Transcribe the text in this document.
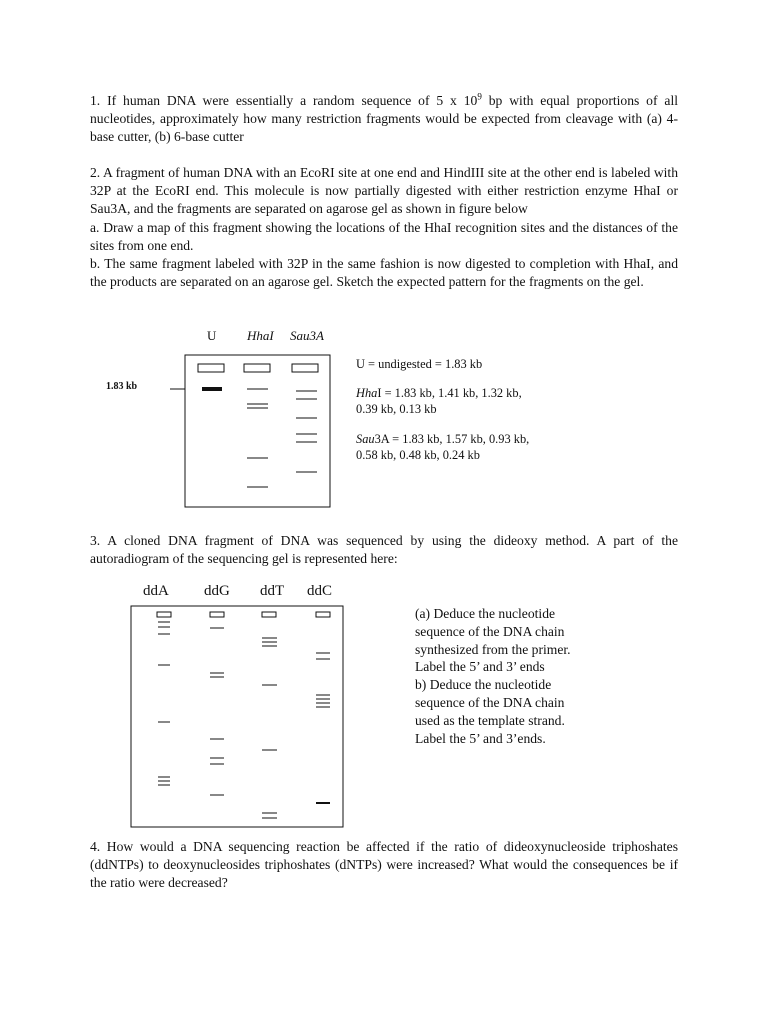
1. If human DNA were essentially a random sequence of 5 x $10^9$ bp with equal proportions of all nucleotides, approximately how many restriction fragments would be expected from cleavage with (a) 4-base cutter, (b) 6-base cutter

2. A fragment of human DNA with an EcoRI site at one end and HindIII site at the other end is labeled with 32P at the EcoRI end. This molecule is now partially digested with either restriction enzyme HhaI or Sau3A, and the fragments are separated on agarose gel as shown in figure below

a. Draw a map of this fragment showing the locations of the HhaI recognition sites and the distances of the sites from one end.

b. The same fragment labeled with 32P in the same fashion is now digested to completion with HhaI, and the products are separated on an agarose gel. Sketch the expected pattern for the fragments on the gel.

U HhaI Sau3A
1.83 kb
U = undigested = 1.83 kb
HhaI = 1.83 kb, 1.41 kb, 1.32 kb,
0.39 kb, 0.13 kb
Sau3A = 1.83 kb, 1.57 kb, 0.93 kb,
0.58 kb, 0.48 kb, 0.24 kb

3. A cloned DNA fragment of DNA was sequenced by using the dideoxy method. A part of the autoradiogram of the sequencing gel is represented here:

ddA ddG ddT ddC
(a) Deduce the nucleotide
sequence of the DNA chain
synthesized from the primer.
Label the 5’ and 3’ ends
b) Deduce the nucleotide
sequence of the DNA chain
used as the template strand.
Label the 5’ and 3’ends.

4. How would a DNA sequencing reaction be affected if the ratio of dideoxynucleoside triphoshates (ddNTPs) to deoxynucleosides triphoshates (dNTPs) were increased? What would the consequences be if the ratio were decreased?
